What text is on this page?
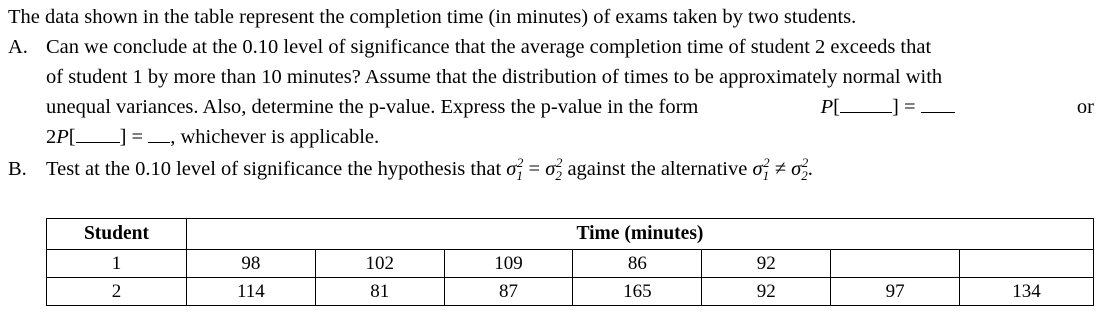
The data shown in the table represent the completion time (in minutes) of exams taken by two students.
A. Can we conclude at the 0.10 level of significance that the average completion time of student 2 exceeds that
of student 1 by more than 10 minutes? Assume that the distribution of times to be approximately normal with
unequal variances. Also, determine the p-value. Express the p-value in the form	P[	] =	or
2P[ ] = , whichever is applicable.
B. Test at the 0.10 level of significance the hypothesis that $\sigma_1^2 = \sigma_2^2$ against the alternative $\sigma_1^2 \ne \sigma_2^2$.
Student	Time (minutes)						
1	98	102	109	86	92		
2	114	81	87	165	92	97	134
